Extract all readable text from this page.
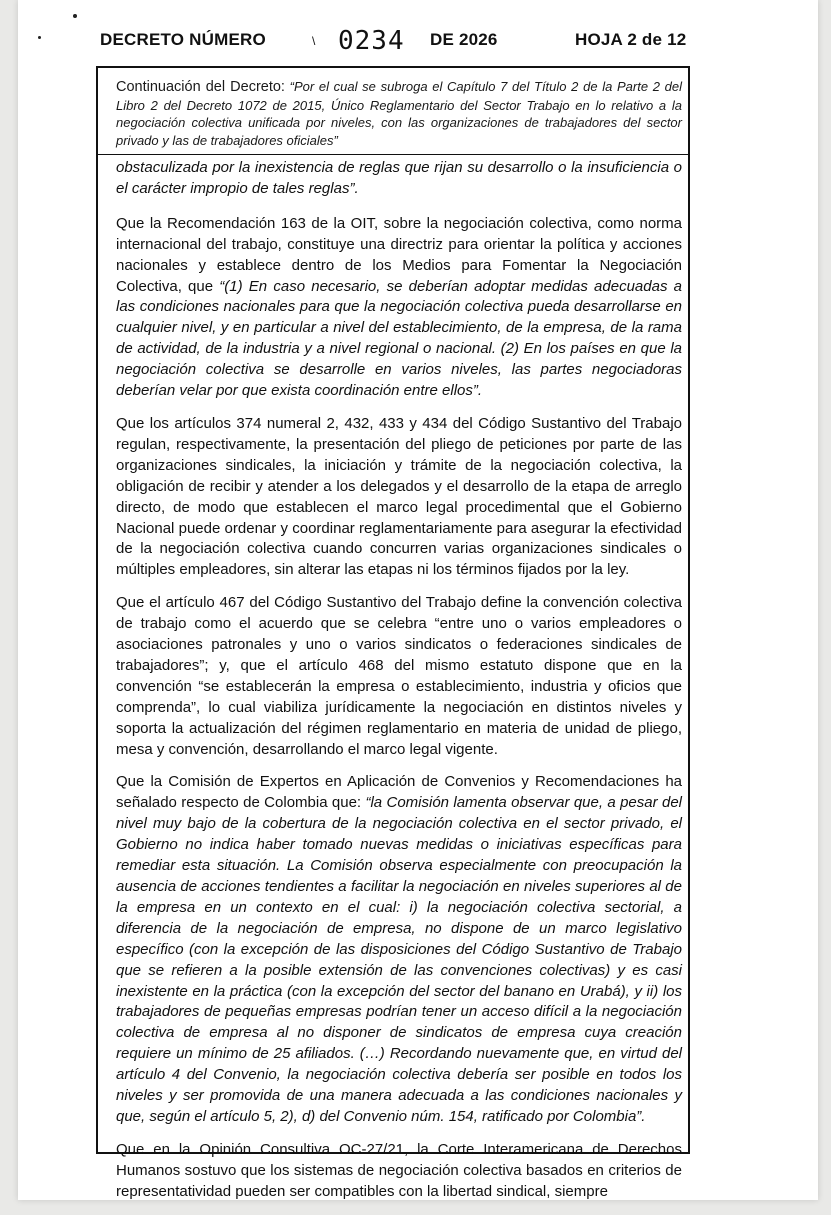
DECRETO NÚMERO	\ 0234 DE 2026	HOJA 2 de 12
Continuación del Decreto: “Por el cual se subroga el Capítulo 7 del Título 2 de la Parte 2 del Libro 2 del Decreto 1072 de 2015, Único Reglamentario del Sector Trabajo en lo relativo a la negociación colectiva unificada por niveles, con las organizaciones de trabajadores del sector privado y las de trabajadores oficiales”

obstaculizada por la inexistencia de reglas que rijan su desarrollo o la insuficiencia o el carácter impropio de tales reglas”.

Que la Recomendación 163 de la OIT, sobre la negociación colectiva, como norma internacional del trabajo, constituye una directriz para orientar la política y acciones nacionales y establece dentro de los Medios para Fomentar la Negociación Colectiva, que “(1) En caso necesario, se deberían adoptar medidas adecuadas a las condiciones nacionales para que la negociación colectiva pueda desarrollarse en cualquier nivel, y en particular a nivel del establecimiento, de la empresa, de la rama de actividad, de la industria y a nivel regional o nacional. (2) En los países en que la negociación colectiva se desarrolle en varios niveles, las partes negociadoras deberían velar por que exista coordinación entre ellos”.

Que los artículos 374 numeral 2, 432, 433 y 434 del Código Sustantivo del Trabajo regulan, respectivamente, la presentación del pliego de peticiones por parte de las organizaciones sindicales, la iniciación y trámite de la negociación colectiva, la obligación de recibir y atender a los delegados y el desarrollo de la etapa de arreglo directo, de modo que establecen el marco legal procedimental que el Gobierno Nacional puede ordenar y coordinar reglamentariamente para asegurar la efectividad de la negociación colectiva cuando concurren varias organizaciones sindicales o múltiples empleadores, sin alterar las etapas ni los términos fijados por la ley.

Que el artículo 467 del Código Sustantivo del Trabajo define la convención colectiva de trabajo como el acuerdo que se celebra “entre uno o varios empleadores o asociaciones patronales y uno o varios sindicatos o federaciones sindicales de trabajadores”; y, que el artículo 468 del mismo estatuto dispone que en la convención “se establecerán la empresa o establecimiento, industria y oficios que comprenda”, lo cual viabiliza jurídicamente la negociación en distintos niveles y soporta la actualización del régimen reglamentario en materia de unidad de pliego, mesa y convención, desarrollando el marco legal vigente.

Que la Comisión de Expertos en Aplicación de Convenios y Recomendaciones ha señalado respecto de Colombia que: “la Comisión lamenta observar que, a pesar del nivel muy bajo de la cobertura de la negociación colectiva en el sector privado, el Gobierno no indica haber tomado nuevas medidas o iniciativas específicas para remediar esta situación. La Comisión observa especialmente con preocupación la ausencia de acciones tendientes a facilitar la negociación en niveles superiores al de la empresa en un contexto en el cual: i) la negociación colectiva sectorial, a diferencia de la negociación de empresa, no dispone de un marco legislativo específico (con la excepción de las disposiciones del Código Sustantivo de Trabajo que se refieren a la posible extensión de las convenciones colectivas) y es casi inexistente en la práctica (con la excepción del sector del banano en Urabá), y ii) los trabajadores de pequeñas empresas podrían tener un acceso difícil a la negociación colectiva de empresa al no disponer de sindicatos de empresa cuya creación requiere un mínimo de 25 afiliados. (…) Recordando nuevamente que, en virtud del artículo 4 del Convenio, la negociación colectiva debería ser posible en todos los niveles y ser promovida de una manera adecuada a las condiciones nacionales y que, según el artículo 5, 2), d) del Convenio núm. 154, ratificado por Colombia”.

Que en la Opinión Consultiva OC-27/21, la Corte Interamericana de Derechos Humanos sostuvo que los sistemas de negociación colectiva basados en criterios de representatividad pueden ser compatibles con la libertad sindical, siempre
